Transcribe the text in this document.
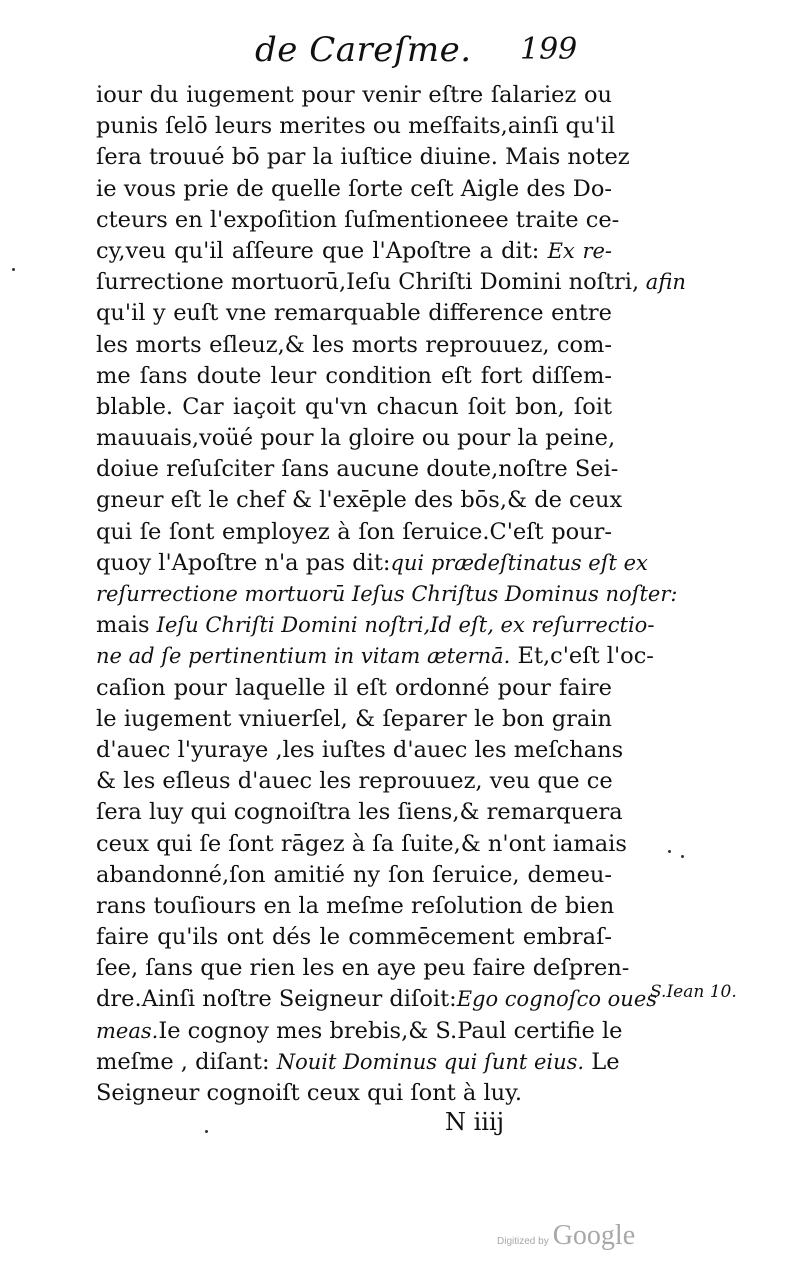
de Careſme. 199
iour du iugement pour venir eſtre ſalariez ou
punis ſelō leurs merites ou meſfaits,ainſi qu'il
ſera trouué bō par la iuſtice diuine. Mais notez
ie vous prie de quelle ſorte ceſt Aigle des Do-
cteurs en l'expoſition ſuſmentioneee traite ce-
cy,veu qu'il aſſeure que l'Apoſtre a dit: Ex re-
ſurrectione mortuorū,Ieſu Chriſti Domini noſtri, afin
qu'il y euſt vne remarquable difference entre
les morts eſleuz,& les morts reprouuez, com-
me ſans doute leur condition eſt fort diſſem-
blable. Car iaçoit qu'vn chacun ſoit bon, ſoit
mauuais,voüé pour la gloire ou pour la peine,
doiue reſuſciter ſans aucune doute,noſtre Sei-
gneur eſt le chef & l'exēple des bōs,& de ceux
qui ſe ſont employez à ſon ſeruice.C'eſt pour-
quoy l'Apoſtre n'a pas dit:qui prædeſtinatus eſt ex
reſurrectione mortuorū Ieſus Chriſtus Dominus noſter:
mais Ieſu Chriſti Domini noſtri,Id eſt, ex reſurrectio-
ne ad ſe pertinentium in vitam æternā. Et,c'eſt l'oc-
caſion pour laquelle il eſt ordonné pour faire
le iugement vniuerſel, & ſeparer le bon grain
d'auec l'yuraye ,les iuſtes d'auec les meſchans
& les eſleus d'auec les reprouuez, veu que ce
ſera luy qui cognoiſtra les ſiens,& remarquera
ceux qui ſe ſont rāgez à ſa ſuite,& n'ont iamais
abandonné,ſon amitié ny ſon ſeruice, demeu-
rans touſiours en la meſme reſolution de bien
faire qu'ils ont dés le commēcement embraſ-
ſee, ſans que rien les en aye peu faire deſpren-
dre.Ainſi noſtre Seigneur diſoit:Ego cognoſco oues
meas.Ie cognoy mes brebis,& S.Paul certifie le
meſme , diſant: Nouit Dominus qui ſunt eius. Le
Seigneur cognoiſt ceux qui ſont à luy.
S.Iean 10.
N iiij
Digitized by Google
